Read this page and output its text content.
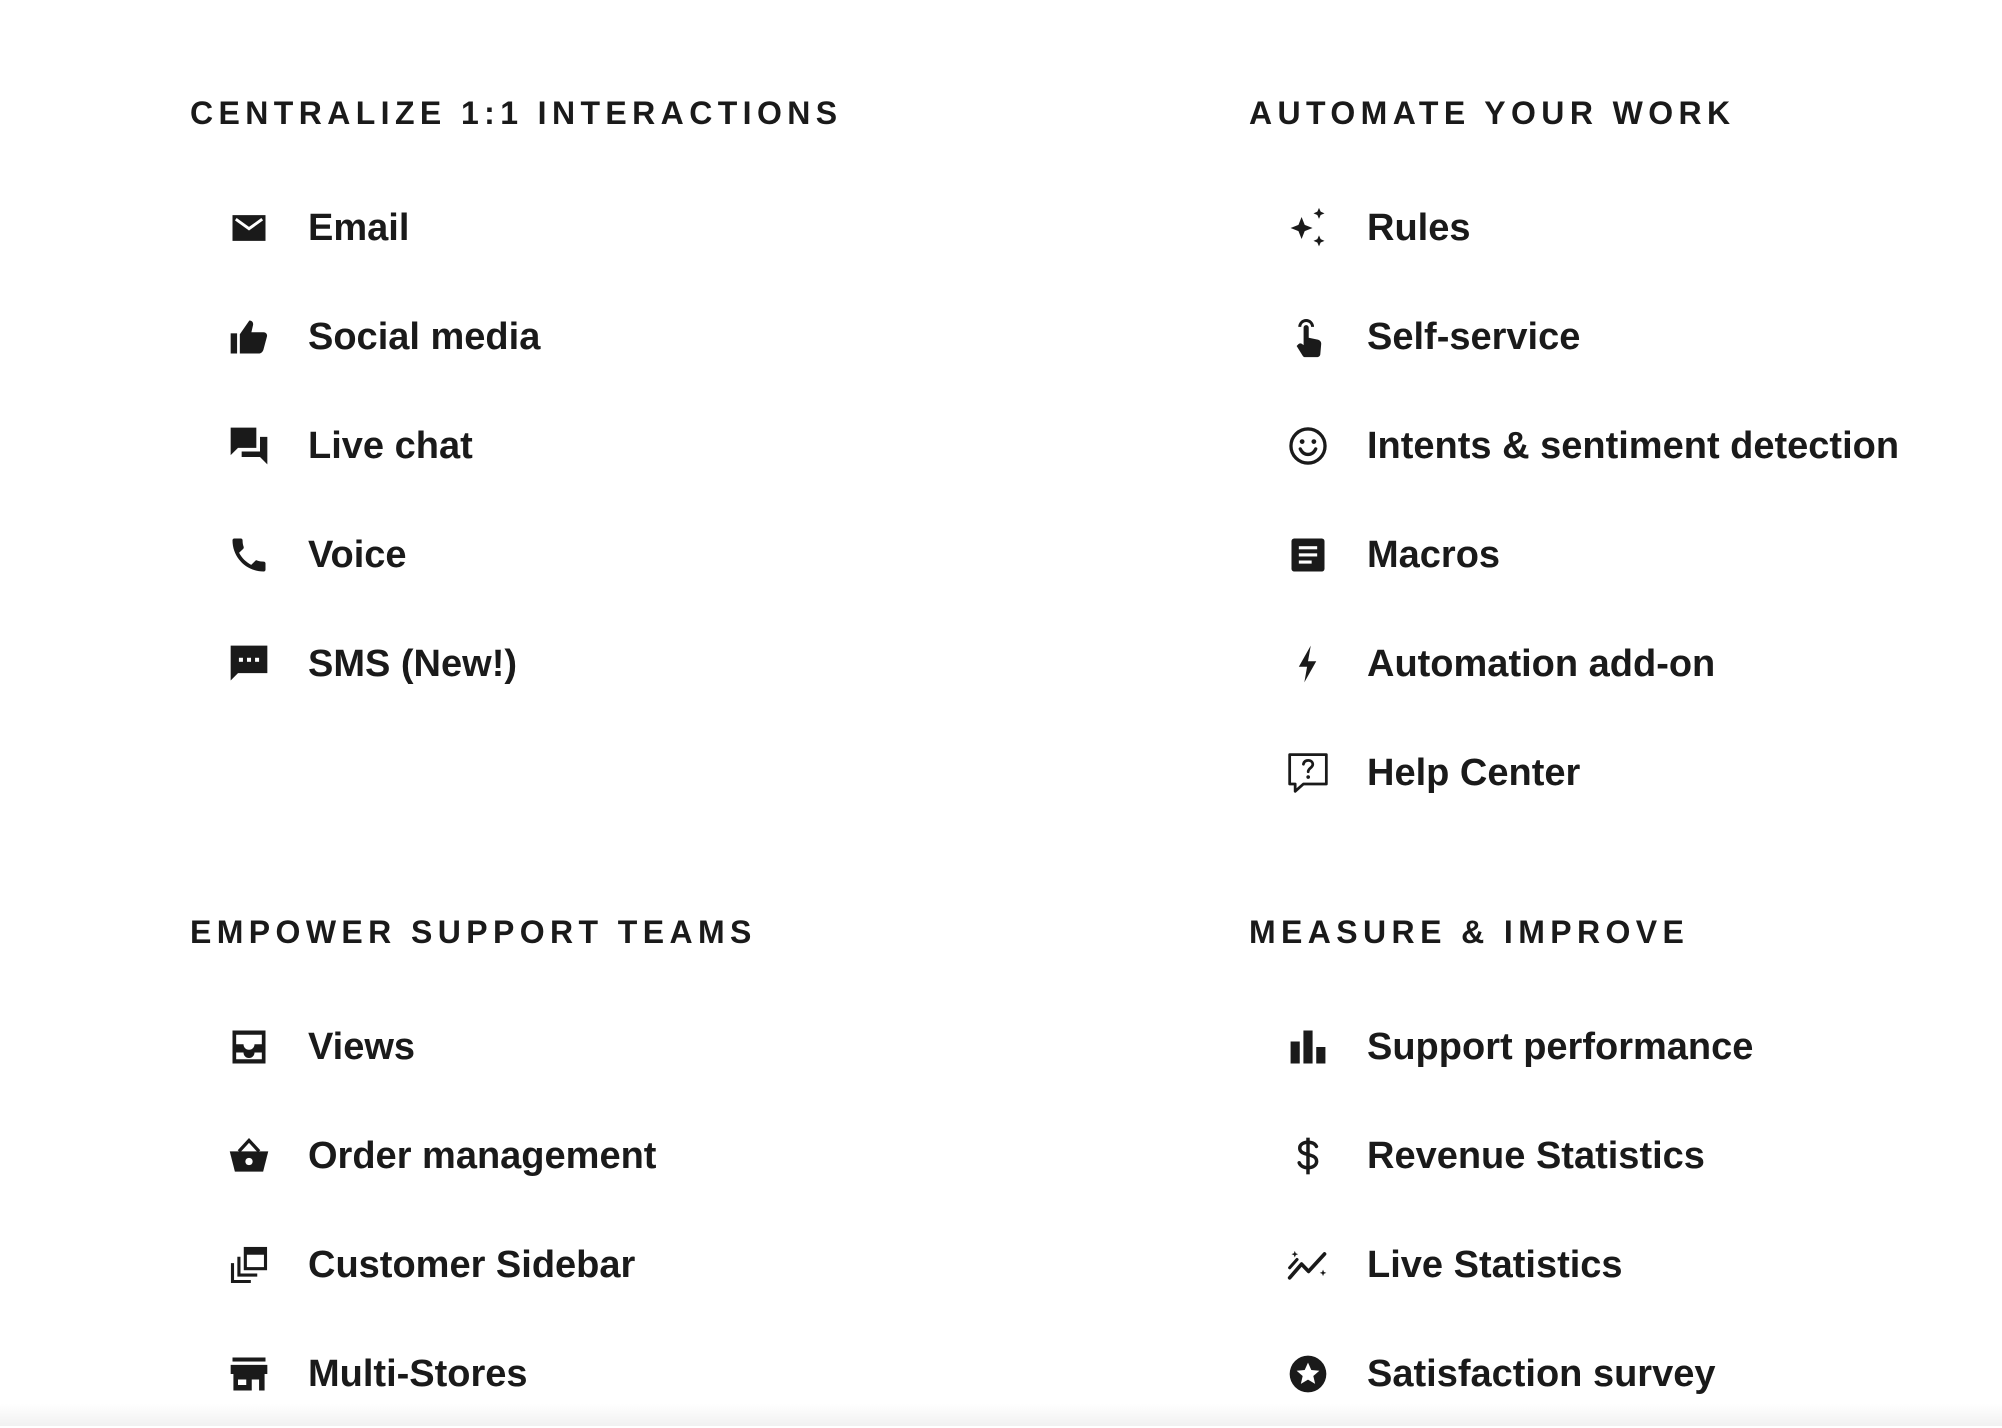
CENTRALIZE 1:1 INTERACTIONS
Email
Social media
Live chat
Voice
SMS (New!)
AUTOMATE YOUR WORK
Rules
Self-service
Intents & sentiment detection
Macros
Automation add-on
Help Center
EMPOWER SUPPORT TEAMS
Views
Order management
Customer Sidebar
Multi-Stores
MEASURE & IMPROVE
Support performance
Revenue Statistics
Live Statistics
Satisfaction survey
